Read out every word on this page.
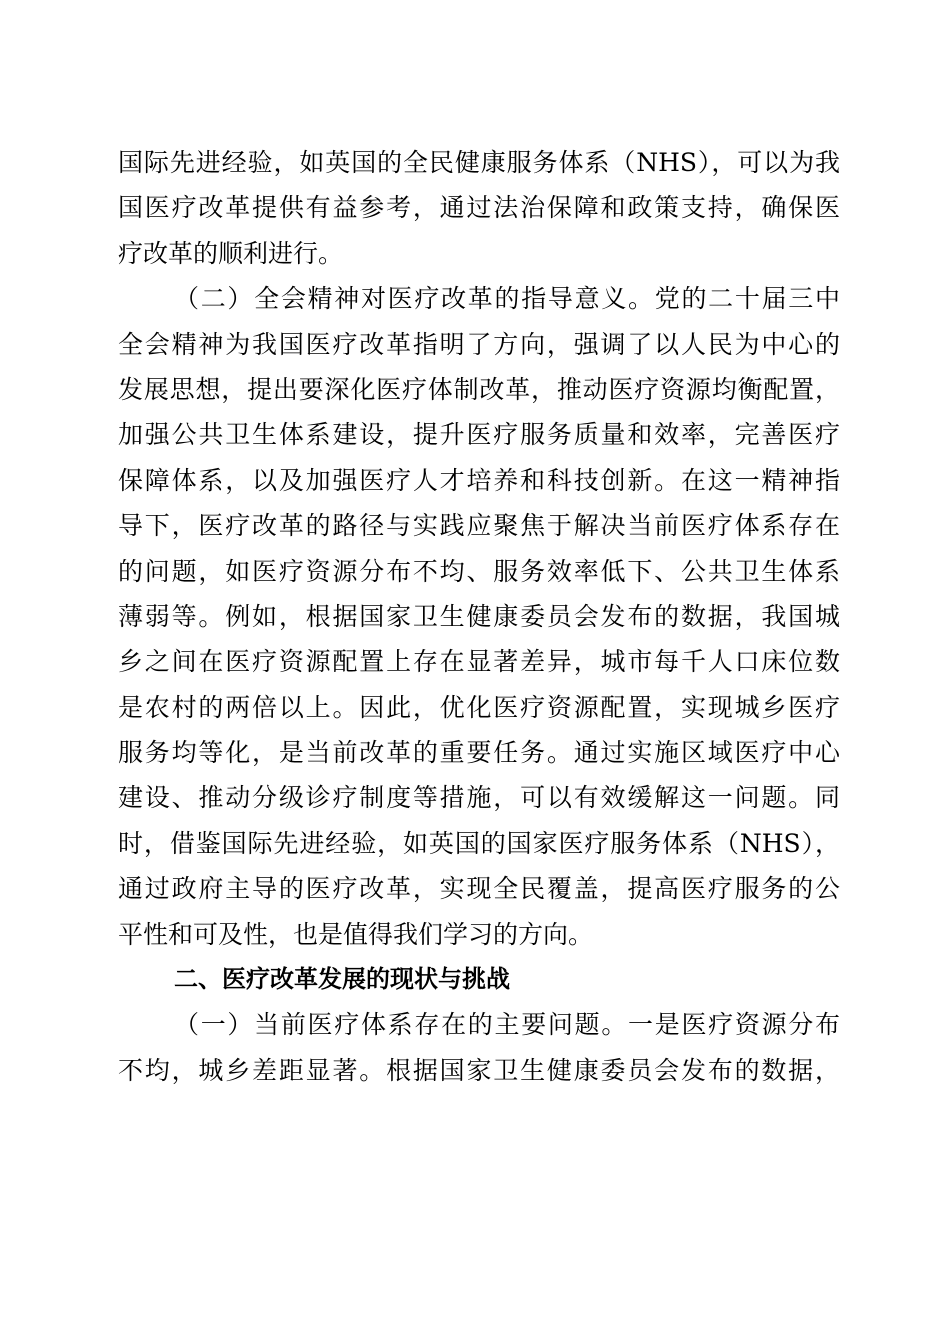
国际先进经验，如英国的全民健康服务体系（NHS），可以为我
国医疗改革提供有益参考，通过法治保障和政策支持，确保医
疗改革的顺利进行。
（二）全会精神对医疗改革的指导意义。党的二十届三中
全会精神为我国医疗改革指明了方向，强调了以人民为中心的
发展思想，提出要深化医疗体制改革，推动医疗资源均衡配置，
加强公共卫生体系建设，提升医疗服务质量和效率，完善医疗
保障体系，以及加强医疗人才培养和科技创新。在这一精神指
导下，医疗改革的路径与实践应聚焦于解决当前医疗体系存在
的问题，如医疗资源分布不均、服务效率低下、公共卫生体系
薄弱等。例如，根据国家卫生健康委员会发布的数据，我国城
乡之间在医疗资源配置上存在显著差异，城市每千人口床位数
是农村的两倍以上。因此，优化医疗资源配置，实现城乡医疗
服务均等化，是当前改革的重要任务。通过实施区域医疗中心
建设、推动分级诊疗制度等措施，可以有效缓解这一问题。同
时，借鉴国际先进经验，如英国的国家医疗服务体系（NHS），
通过政府主导的医疗改革，实现全民覆盖，提高医疗服务的公
平性和可及性，也是值得我们学习的方向。
二、医疗改革发展的现状与挑战
（一）当前医疗体系存在的主要问题。一是医疗资源分布
不均，城乡差距显著。根据国家卫生健康委员会发布的数据，
